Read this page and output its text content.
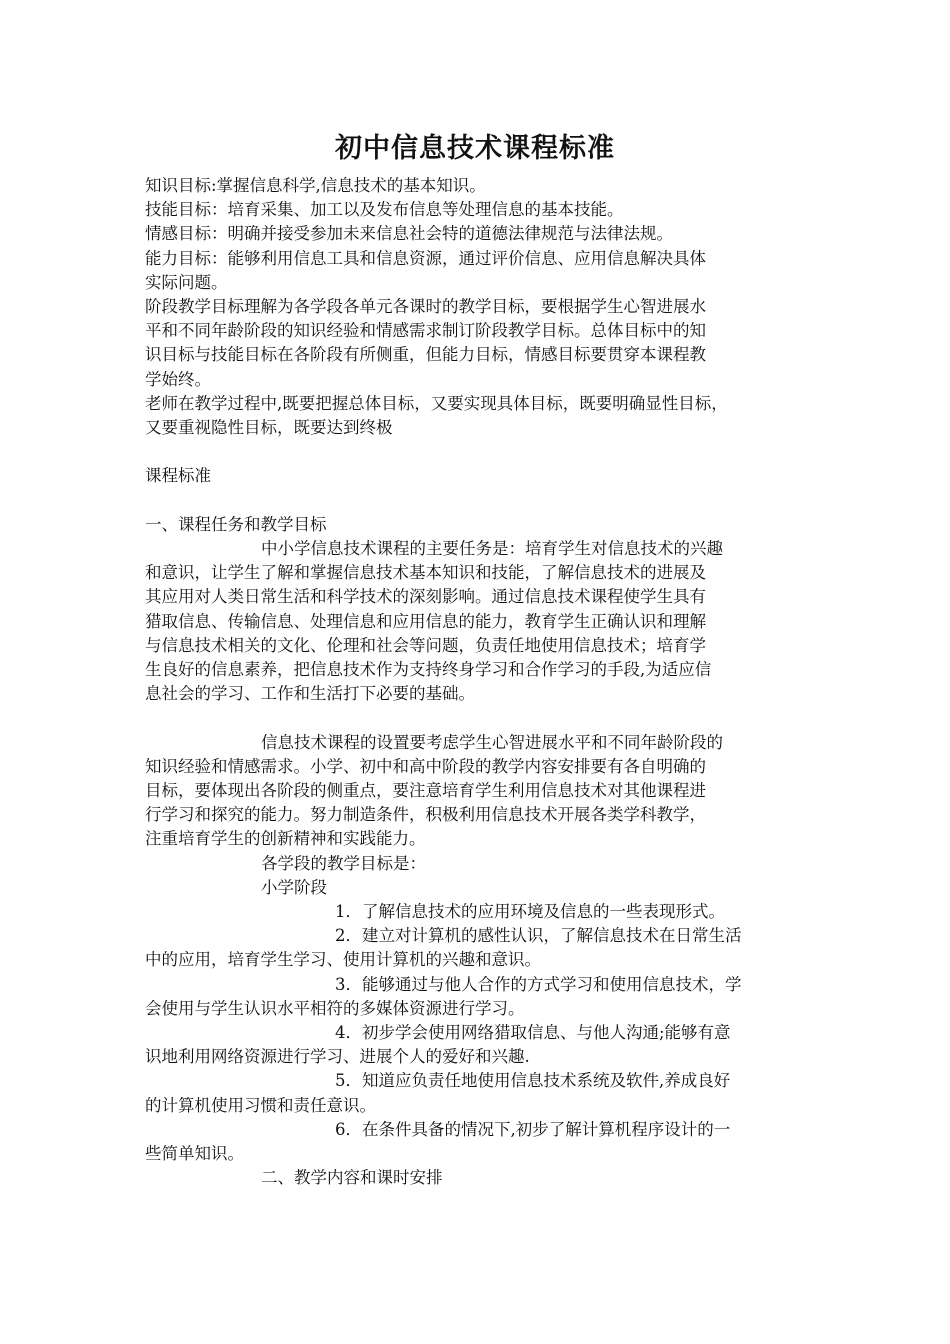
初中信息技术课程标准

知识目标:掌握信息科学,信息技术的基本知识。

技能目标：培育采集、加工以及发布信息等处理信息的基本技能。

情感目标：明确并接受参加未来信息社会特的道德法律规范与法律法规。

能力目标：能够利用信息工具和信息资源，通过评价信息、应用信息解决具体

实际问题。

阶段教学目标理解为各学段各单元各课时的教学目标，要根据学生心智进展水

平和不同年龄阶段的知识经验和情感需求制订阶段教学目标。总体目标中的知

识目标与技能目标在各阶段有所侧重，但能力目标，情感目标要贯穿本课程教

学始终。

老师在教学过程中,既要把握总体目标，又要实现具体目标，既要明确显性目标，

又要重视隐性目标，既要达到终极

课程标准

一、课程任务和教学目标

中小学信息技术课程的主要任务是：培育学生对信息技术的兴趣

和意识，让学生了解和掌握信息技术基本知识和技能，了解信息技术的进展及

其应用对人类日常生活和科学技术的深刻影响。通过信息技术课程使学生具有

猎取信息、传输信息、处理信息和应用信息的能力，教育学生正确认识和理解

与信息技术相关的文化、伦理和社会等问题，负责任地使用信息技术；培育学

生良好的信息素养，把信息技术作为支持终身学习和合作学习的手段,为适应信

息社会的学习、工作和生活打下必要的基础。

信息技术课程的设置要考虑学生心智进展水平和不同年龄阶段的

知识经验和情感需求。小学、初中和高中阶段的教学内容安排要有各自明确的

目标，要体现出各阶段的侧重点，要注意培育学生利用信息技术对其他课程进

行学习和探究的能力。努力制造条件，积极利用信息技术开展各类学科教学，

注重培育学生的创新精神和实践能力。

各学段的教学目标是：

小学阶段

1．了解信息技术的应用环境及信息的一些表现形式。

2．建立对计算机的感性认识，了解信息技术在日常生活

中的应用，培育学生学习、使用计算机的兴趣和意识。

3．能够通过与他人合作的方式学习和使用信息技术，学

会使用与学生认识水平相符的多媒体资源进行学习。

4．初步学会使用网络猎取信息、与他人沟通;能够有意

识地利用网络资源进行学习、进展个人的爱好和兴趣.

5．知道应负责任地使用信息技术系统及软件,养成良好

的计算机使用习惯和责任意识。

6．在条件具备的情况下,初步了解计算机程序设计的一

些简单知识。

二、教学内容和课时安排
